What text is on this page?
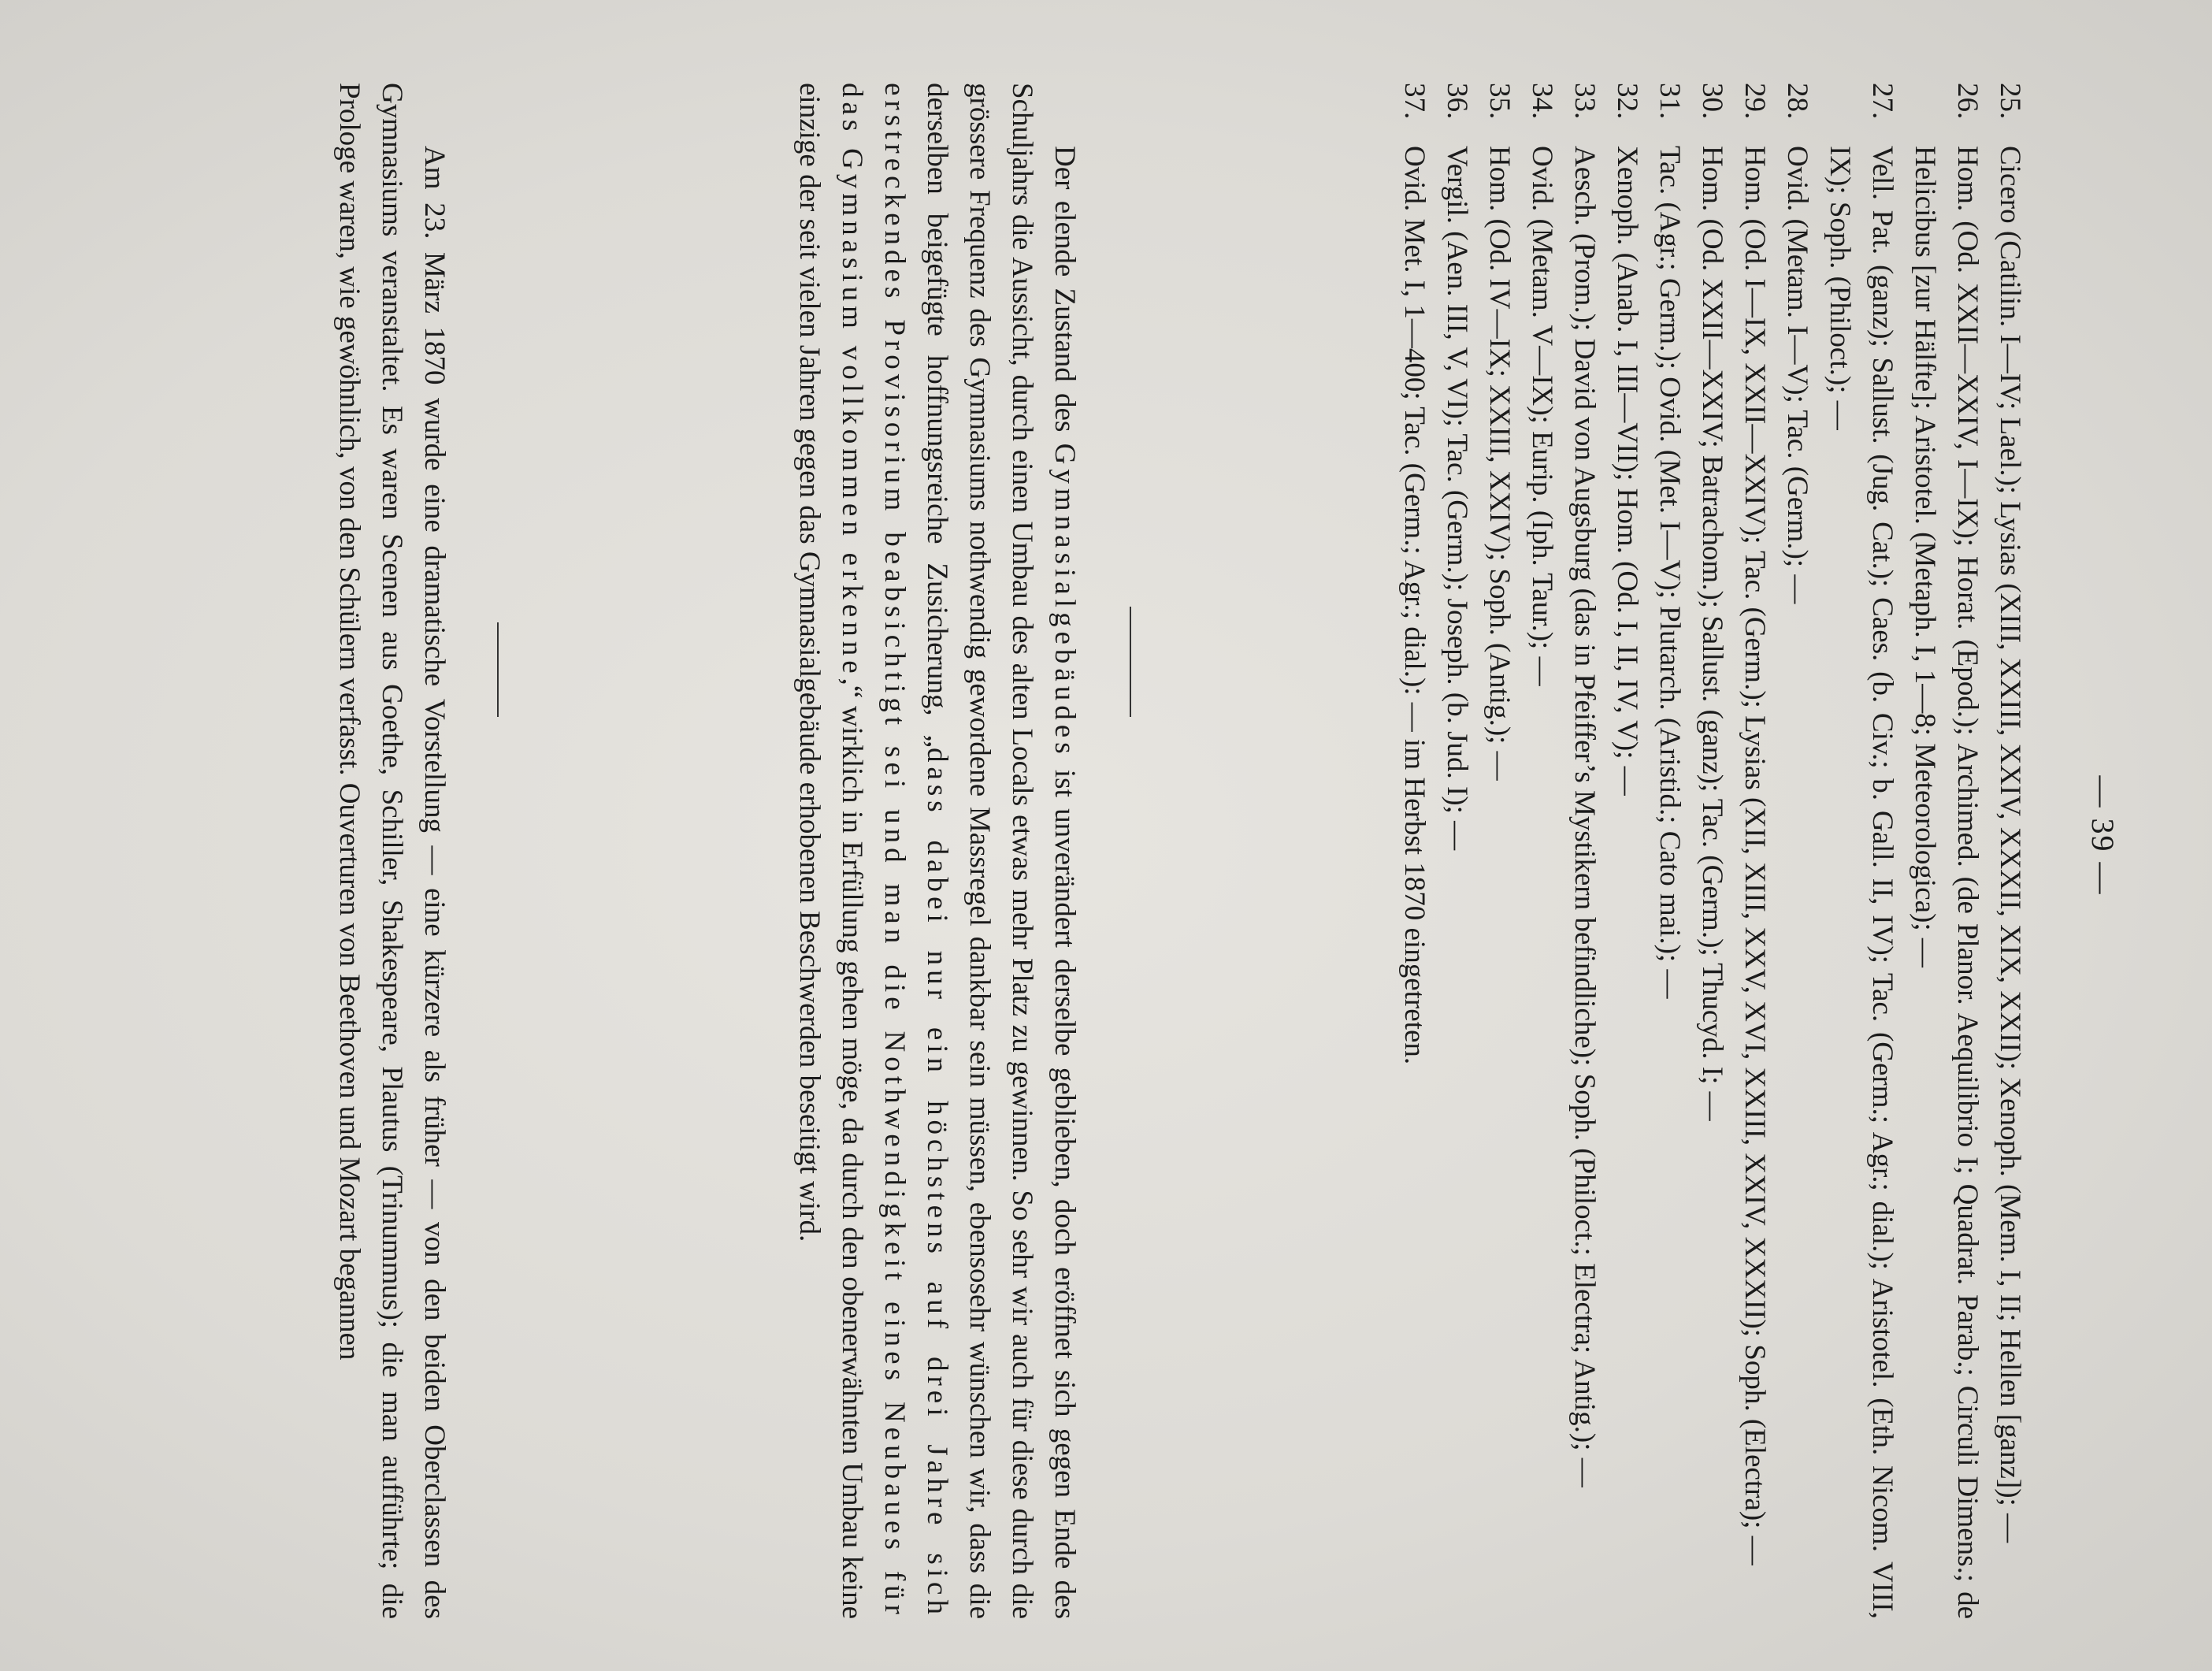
— 39 —
25.
Cicero (Catilin. I—IV; Lael.); Lysias (XIII, XXIII, XXIV, XXXII, XIX, XXII); Xenoph. (Mem. I, II; Hellen [ganz]); —
26.
Hom. (Od. XXII—XXIV, I—IX); Horat. (Epod.); Archimed. (de Planor. Aequilibrio I; Quadrat. Parab.; Circuli Dimens.; de Helicibus [zur Hälfte]; Aristotel. (Metaph. I, 1—8; Meteorologica); —
27.
Vell. Pat. (ganz); Sallust. (Jug. Cat.); Caes. (b. Civ.; b. Gall. II, IV); Tac. (Germ.; Agr.; dial.); Aristotel. (Eth. Nicom. VIII, IX); Soph. (Philoct.); —
28.
Ovid. (Metam. I—V); Tac. (Germ.); —
29.
Hom. (Od. I—IX, XXII—XXIV); Tac. (Germ.); Lysias (XII, XIII, XXV, XVI, XXIII, XXIV, XXXII); Soph. (Electra); —
30.
Hom. (Od. XXII—XXIV; Batrachom.); Sallust. (ganz); Tac. (Germ.); Thucyd. I; —
31.
Tac. (Agr.; Germ.); Ovid. (Met. I—V); Plutarch. (Aristid.; Cato mai.); —
32.
Xenoph. (Anab. I, III—VII); Hom. (Od. I, II, IV, V); —
33.
Aesch. (Prom.); David von Augsburg (das in Pfeiffer’s Mystikern befindliche); Soph. (Philoct.; Electra; Antig.); —
34.
Ovid. (Metam. V—IX); Eurip. (Iph. Taur.); —
35.
Hom. (Od. IV—IX; XXIII, XXIV); Soph. (Antig.); —
36.
Vergil. (Aen. III, V, VI); Tac. (Germ.); Joseph. (b. Jud. I); —
37.
Ovid. Met. I, 1—400; Tac. (Germ.; Agr.; dial.): — im Herbst 1870 eingetreten.

Der elende Zustand des Gymnasialgebäudes ist unverändert derselbe geblieben, doch eröffnet sich gegen Ende des Schuljahrs die Aussicht, durch einen Umbau des alten Locals etwas mehr Platz zu gewinnen. So sehr wir auch für diese durch die grössere Frequenz des Gymnasiums nothwendig gewordene Massregel dankbar sein müssen, ebensosehr wünschen wir, dass die derselben beigefügte hoffnungsreiche Zusicherung, „dass dabei nur ein höchstens auf drei Jahre sich erstreckendes Provisorium beabsichtigt sei und man die Nothwendigkeit eines Neubaues für das Gymnasium vollkommen erkenne,“ wirklich in Erfüllung gehen möge, da durch den obenerwähnten Umbau keine einzige der seit vielen Jahren gegen das Gymnasialgebäude erhobenen Beschwerden beseitigt wird.

Am 23. März 1870 wurde eine dramatische Vorstellung — eine kürzere als früher — von den beiden Oberclassen des Gymnasiums veranstaltet. Es waren Scenen aus Goethe, Schiller, Shakespeare, Plautus (Trinummus); die man aufführte; die Prologe waren, wie gewöhnlich, von den Schülern verfasst. Ouverturen von Beethoven und Mozart begannen
